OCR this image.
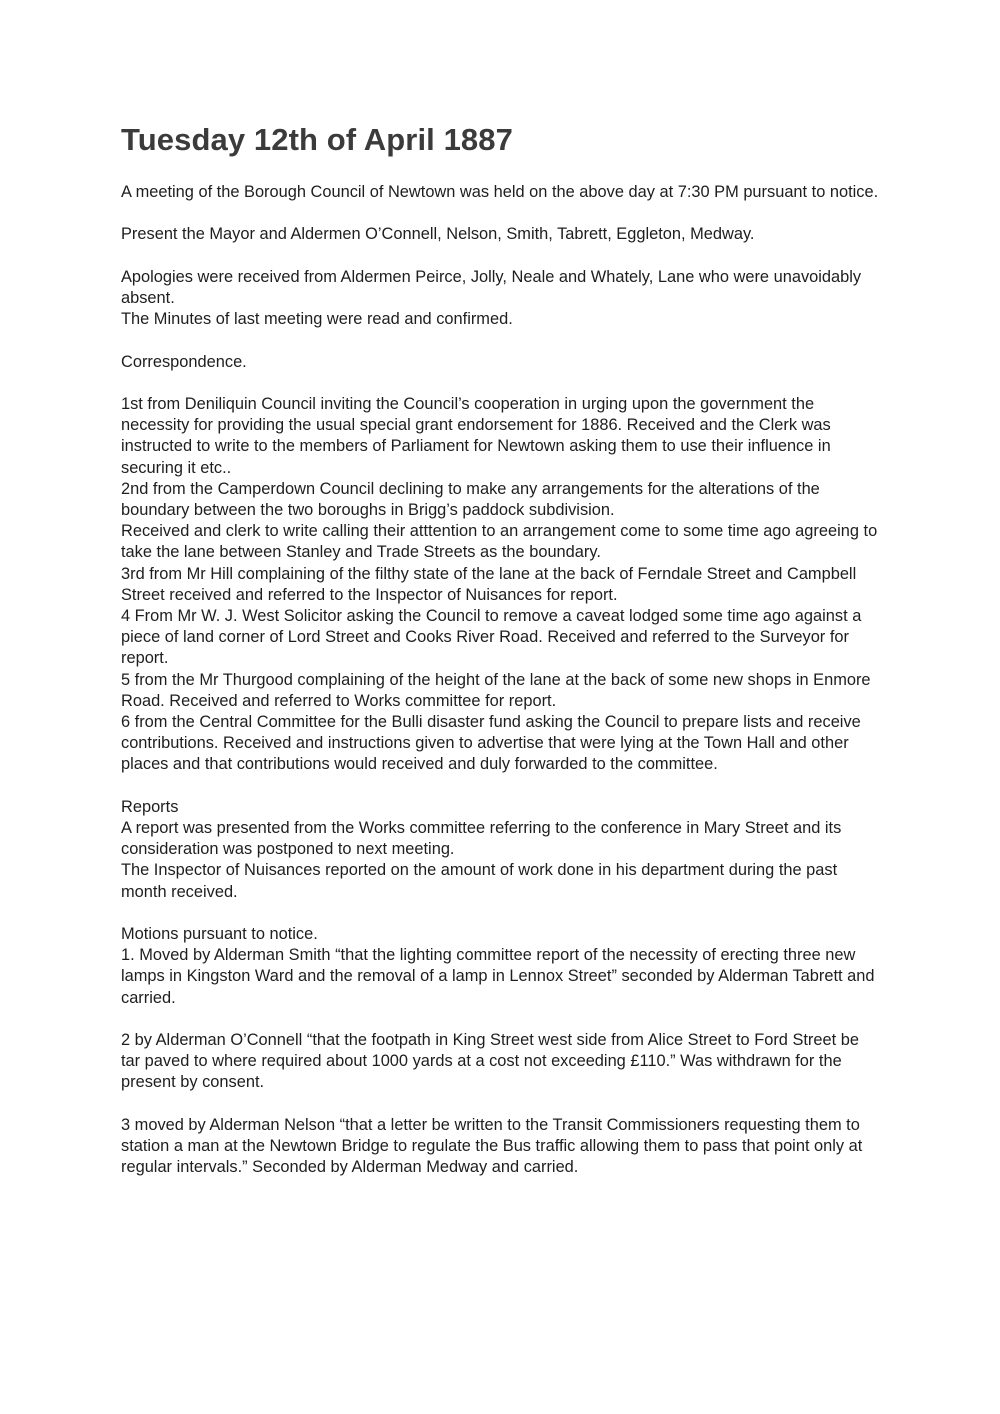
Tuesday 12th of April 1887

A meeting of the Borough Council of Newtown was held on the above day at 7:30 PM pursuant to notice.

Present the Mayor and Aldermen O’Connell, Nelson, Smith, Tabrett, Eggleton, Medway.

Apologies were received from Aldermen Peirce, Jolly, Neale and Whately, Lane who were unavoidably absent.

The Minutes of last meeting were read and confirmed.

Correspondence.

1st from Deniliquin Council inviting the Council’s cooperation in urging upon the government the necessity for providing the usual special grant endorsement for 1886. Received and the Clerk was instructed to write to the members of Parliament for Newtown asking them to use their influence in securing it etc..

2nd from the Camperdown Council declining to make any arrangements for the alterations of the boundary between the two boroughs in Brigg’s paddock subdivision.

Received and clerk to write calling their atttention to an arrangement come to some time ago agreeing to take the lane between Stanley and Trade Streets as the boundary.

3rd from Mr Hill complaining of the filthy state of the lane at the back of Ferndale Street and Campbell Street received and referred to the Inspector of Nuisances for report.

4 From Mr W. J. West Solicitor asking the Council to remove a caveat lodged some time ago against a piece of land corner of Lord Street and Cooks River Road. Received and referred to the Surveyor for report.

5 from the Mr Thurgood complaining of the height of the lane at the back of some new shops in Enmore Road. Received and referred to Works committee for report.

6 from the Central Committee for the Bulli disaster fund asking the Council to prepare lists and receive contributions. Received and instructions given to advertise that were lying at the Town Hall and other places and that contributions would received and duly forwarded to the committee.

Reports

A report was presented from the Works committee referring to the conference in Mary Street and its consideration was postponed to next meeting.

The Inspector of Nuisances reported on the amount of work done in his department during the past month received.

Motions pursuant to notice.

1. Moved by Alderman Smith “that the lighting committee report of the necessity of erecting three new lamps in Kingston Ward and the removal of a lamp in Lennox Street” seconded by Alderman Tabrett and carried.

2 by Alderman O’Connell “that the footpath in King Street west side from Alice Street to Ford Street be tar paved to where required about 1000 yards at a cost not exceeding £110.” Was withdrawn for the present by consent.

3 moved by Alderman Nelson “that a letter be written to the Transit Commissioners requesting them to station a man at the Newtown Bridge to regulate the Bus traffic allowing them to pass that point only at regular intervals.” Seconded by Alderman Medway and carried.
